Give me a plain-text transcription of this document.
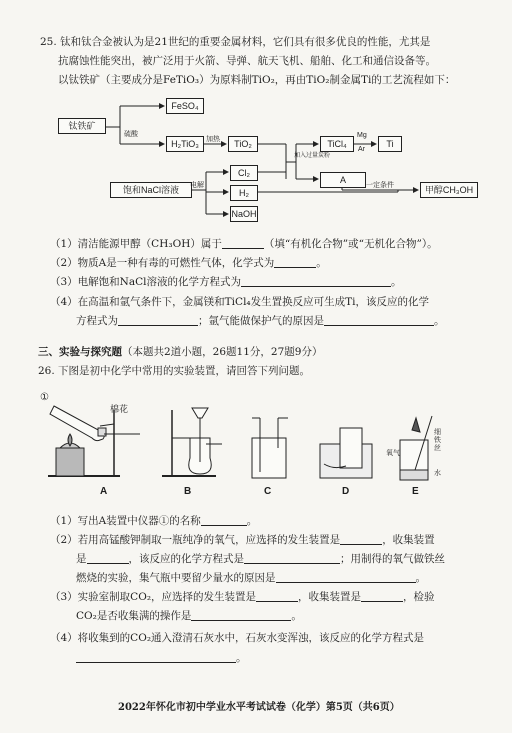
25. 钛和钛合金被认为是21世纪的重要金属材料，它们具有很多优良的性能，尤其是
抗腐蚀性能突出，被广泛用于火箭、导弹、航天飞机、船舶、化工和通信设备等。
以钛铁矿（主要成分是FeTiO₃）为原料制TiO₂，再由TiO₂制金属Ti的工艺流程如下：
钛铁矿
硫酸
FeSO₄
H₂TiO₃	加热	TiO₂
加入过量炭粉
TiCl₄
Mg
Ar
Ti
A
一定条件	甲醇CH₃OH
饱和NaCl溶液	电解
Cl₂
H₂
NaOH
（1）清洁能源甲醇（CH₃OH）属于	（填“有机化合物”或“无机化合物”）。
（2）物质A是一种有毒的可燃性气体，化学式为	。
（3）电解饱和NaCl溶液的化学方程式为	。
（4）在高温和氩气条件下，金属镁和TiCl₄发生置换反应可生成Ti，该反应的化学
方程式为	；氩气能做保护气的原因是	。
三、实验与探究题（本题共2道小题，26题11分，27题9分）
26. 下图是初中化学中常用的实验装置，请回答下列问题。
①
棉花
氧气
细铁丝
水
A	B	C	D	E
（1）写出A装置中仪器①的名称	。
（2）若用高锰酸钾制取一瓶纯净的氧气，应选择的发生装置是	，收集装置
是	，该反应的化学方程式是	；用制得的氧气做铁丝
燃烧的实验，集气瓶中要留少量水的原因是	。
（3）实验室制取CO₂，应选择的发生装置是	，收集装置是	，检验
CO₂是否收集满的操作是	。
（4）将收集到的CO₂通入澄清石灰水中，石灰水变浑浊，该反应的化学方程式是
。
2022年怀化市初中学业水平考试试卷（化学）第5页（共6页）
